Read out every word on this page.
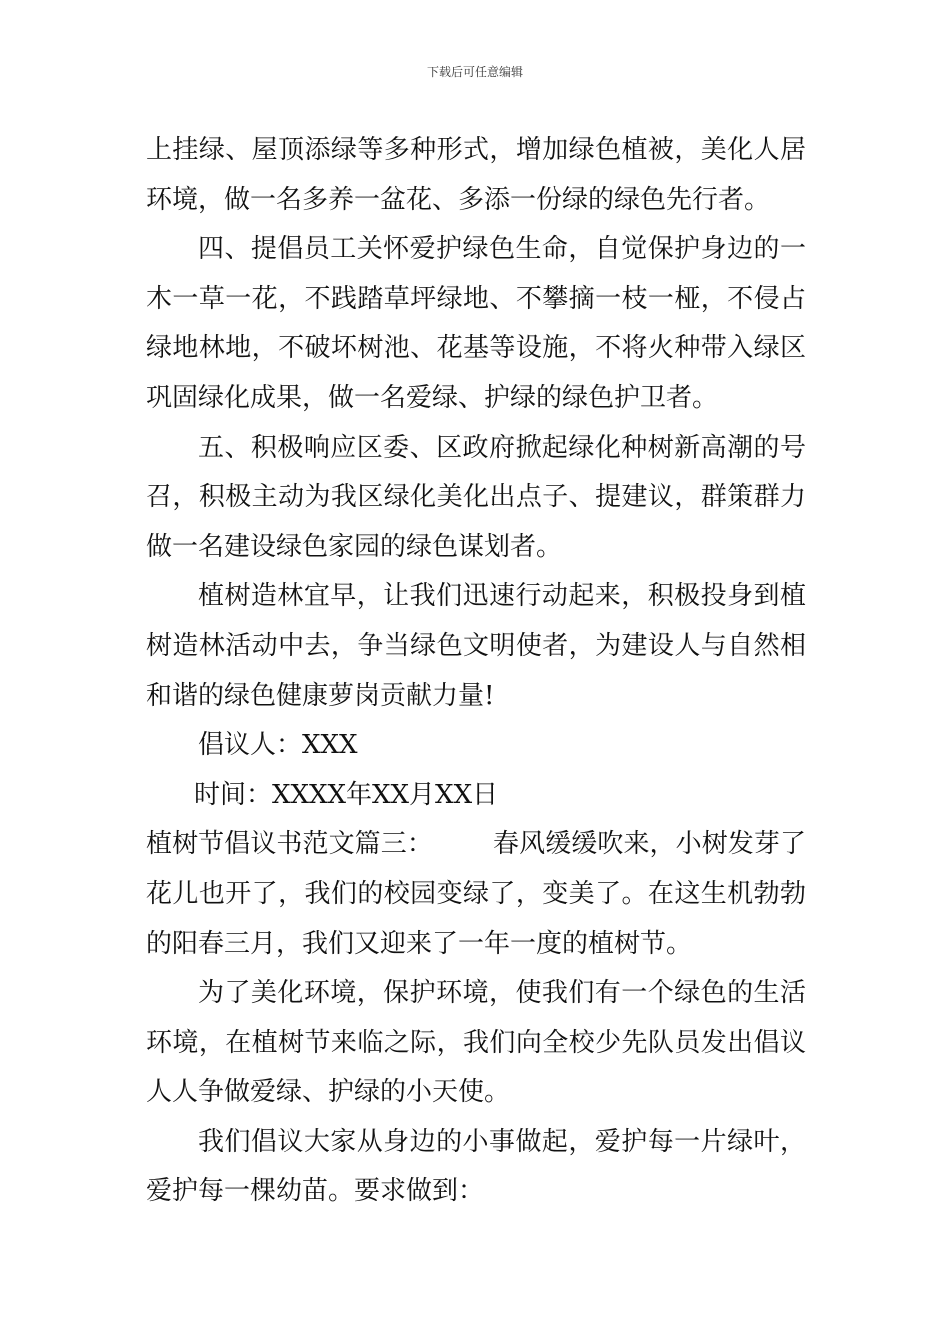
下载后可任意编辑
上挂绿、屋顶添绿等多种形式，增加绿色植被，美化人居
环境，做一名多养一盆花、多添一份绿的绿色先行者。
四、提倡员工关怀爱护绿色生命，自觉保护身边的一
木一草一花，不践踏草坪绿地、不攀摘一枝一桠，不侵占
绿地林地，不破坏树池、花基等设施，不将火种带入绿区
巩固绿化成果，做一名爱绿、护绿的绿色护卫者。
五、积极响应区委、区政府掀起绿化种树新高潮的号
召，积极主动为我区绿化美化出点子、提建议，群策群力
做一名建设绿色家园的绿色谋划者。
植树造林宜早，让我们迅速行动起来，积极投身到植
树造林活动中去，争当绿色文明使者，为建设人与自然相
和谐的绿色健康萝岗贡献力量!
倡议人：XXX
时间：XXXX年XX月XX日
植树节倡议书范文篇三： 春风缓缓吹来，小树发芽了
花儿也开了，我们的校园变绿了，变美了。在这生机勃勃
的阳春三月，我们又迎来了一年一度的植树节。
为了美化环境，保护环境，使我们有一个绿色的生活
环境，在植树节来临之际，我们向全校少先队员发出倡议
人人争做爱绿、护绿的小天使。
我们倡议大家从身边的小事做起，爱护每一片绿叶，
爱护每一棵幼苗。要求做到：
